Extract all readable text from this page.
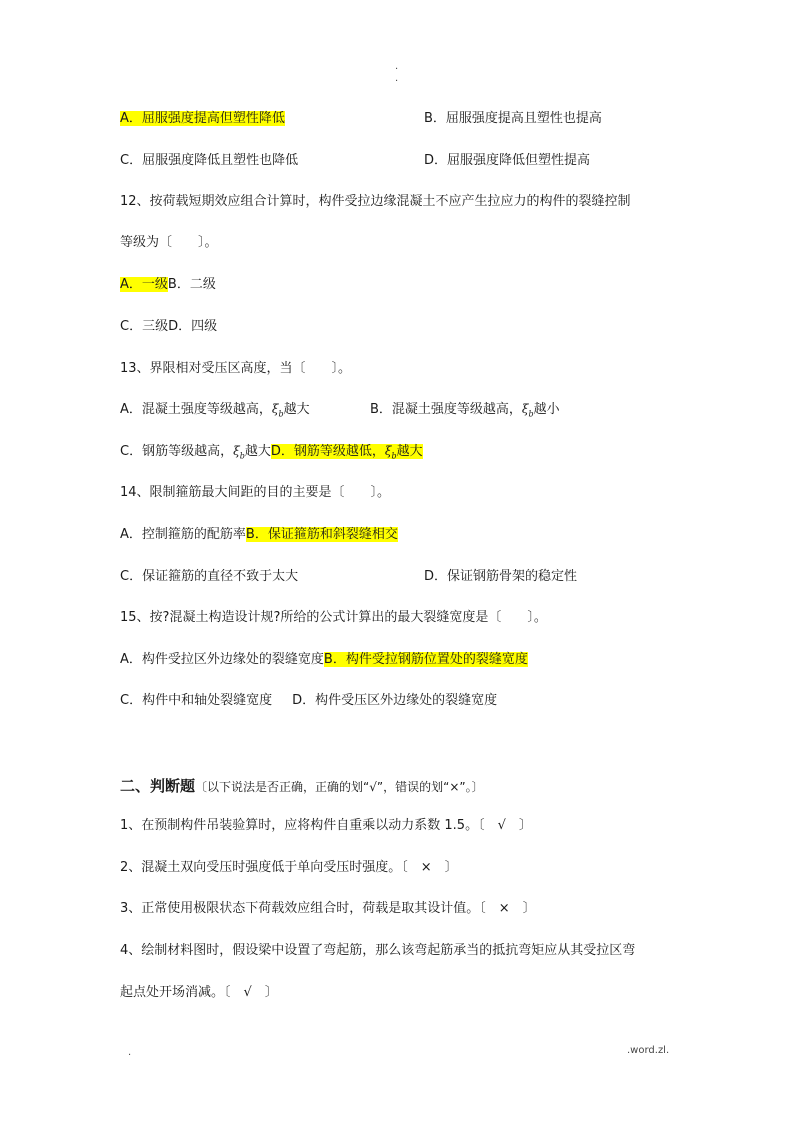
.
.
A．屈服强度提高但塑性降低	B．屈服强度提高且塑性也提高
C．屈服强度降低且塑性也降低	D．屈服强度降低但塑性提高
12、按荷载短期效应组合计算时，构件受拉边缘混凝土不应产生拉应力的构件的裂缝控制
等级为〔　　〕。
A．一级B．二级
C．三级D．四级
13、界限相对受压区高度，当〔　　〕。
A．混凝土强度等级越高，$\xi_b$越大	B．混凝土强度等级越高，$\xi_b$越小
C．钢筋等级越高，$\xi_b$越大D．钢筋等级越低，$\xi_b$越大
14、限制箍筋最大间距的目的主要是〔　　〕。
A．控制箍筋的配筋率B．保证箍筋和斜裂缝相交
C．保证箍筋的直径不致于太大	D．保证钢筋骨架的稳定性
15、按?混凝土构造设计规?所给的公式计算出的最大裂缝宽度是〔　　〕。
A．构件受拉区外边缘处的裂缝宽度B．构件受拉钢筋位置处的裂缝宽度
C．构件中和轴处裂缝宽度 D．构件受压区外边缘处的裂缝宽度
二、判断题〔以下说法是否正确，正确的划“√”，错误的划“×”。〕
1、在预制构件吊装验算时，应将构件自重乘以动力系数 1.5。〔　√　〕
2、混凝土双向受压时强度低于单向受压时强度。〔　×　〕
3、正常使用极限状态下荷载效应组合时，荷载是取其设计值。〔　×　〕
4、绘制材料图时，假设梁中设置了弯起筋，那么该弯起筋承当的抵抗弯矩应从其受拉区弯
起点处开场消减。〔　√　〕
.	.word.zl.
